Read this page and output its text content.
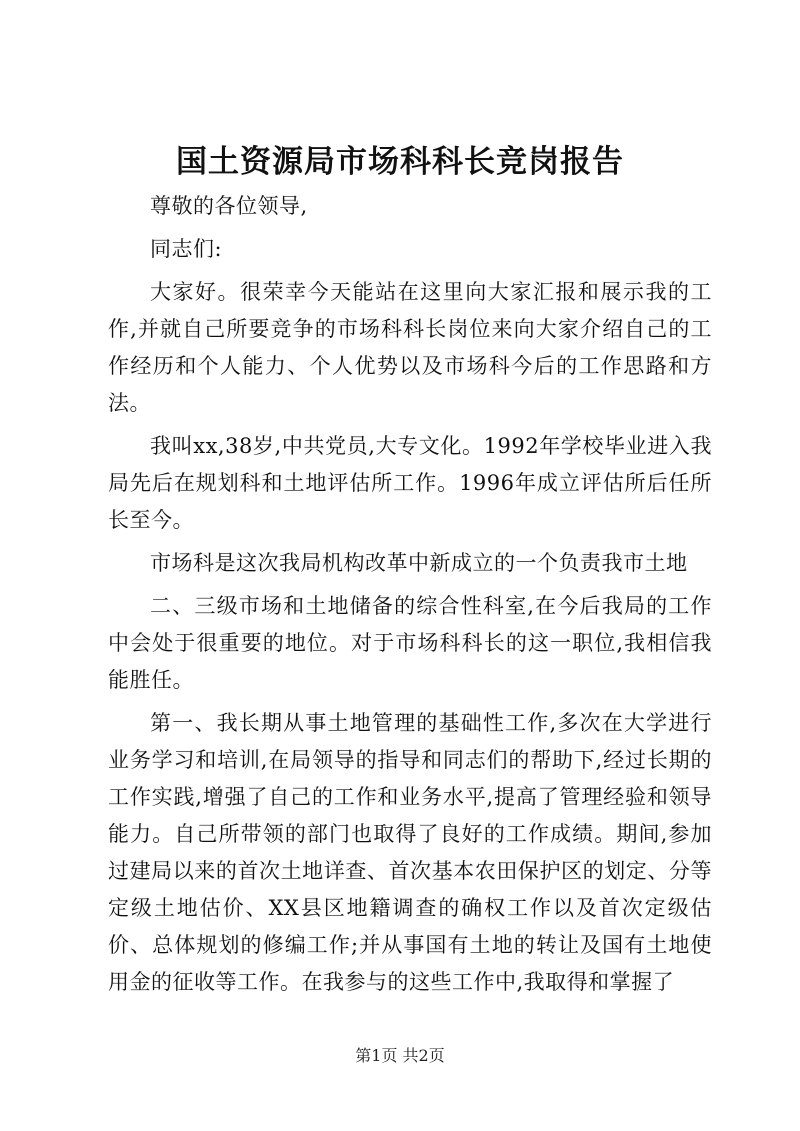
国土资源局市场科科长竞岗报告

尊敬的各位领导,

同志们:

大家好。很荣幸今天能站在这里向大家汇报和展示我的工作,并就自己所要竞争的市场科科长岗位来向大家介绍自己的工作经历和个人能力、个人优势以及市场科今后的工作思路和方法。

我叫xx,38岁,中共党员,大专文化。1992年学校毕业进入我局先后在规划科和土地评估所工作。1996年成立评估所后任所长至今。

市场科是这次我局机构改革中新成立的一个负责我市土地

二、三级市场和土地储备的综合性科室,在今后我局的工作中会处于很重要的地位。对于市场科科长的这一职位,我相信我能胜任。

第一、我长期从事土地管理的基础性工作,多次在大学进行业务学习和培训,在局领导的指导和同志们的帮助下,经过长期的工作实践,增强了自己的工作和业务水平,提高了管理经验和领导能力。自己所带领的部门也取得了良好的工作成绩。期间,参加过建局以来的首次土地详查、首次基本农田保护区的划定、分等定级土地估价、XX县区地籍调查的确权工作以及首次定级估价、总体规划的修编工作;并从事国有土地的转让及国有土地使用金的征收等工作。在我参与的这些工作中,我取得和掌握了

第1页 共2页
